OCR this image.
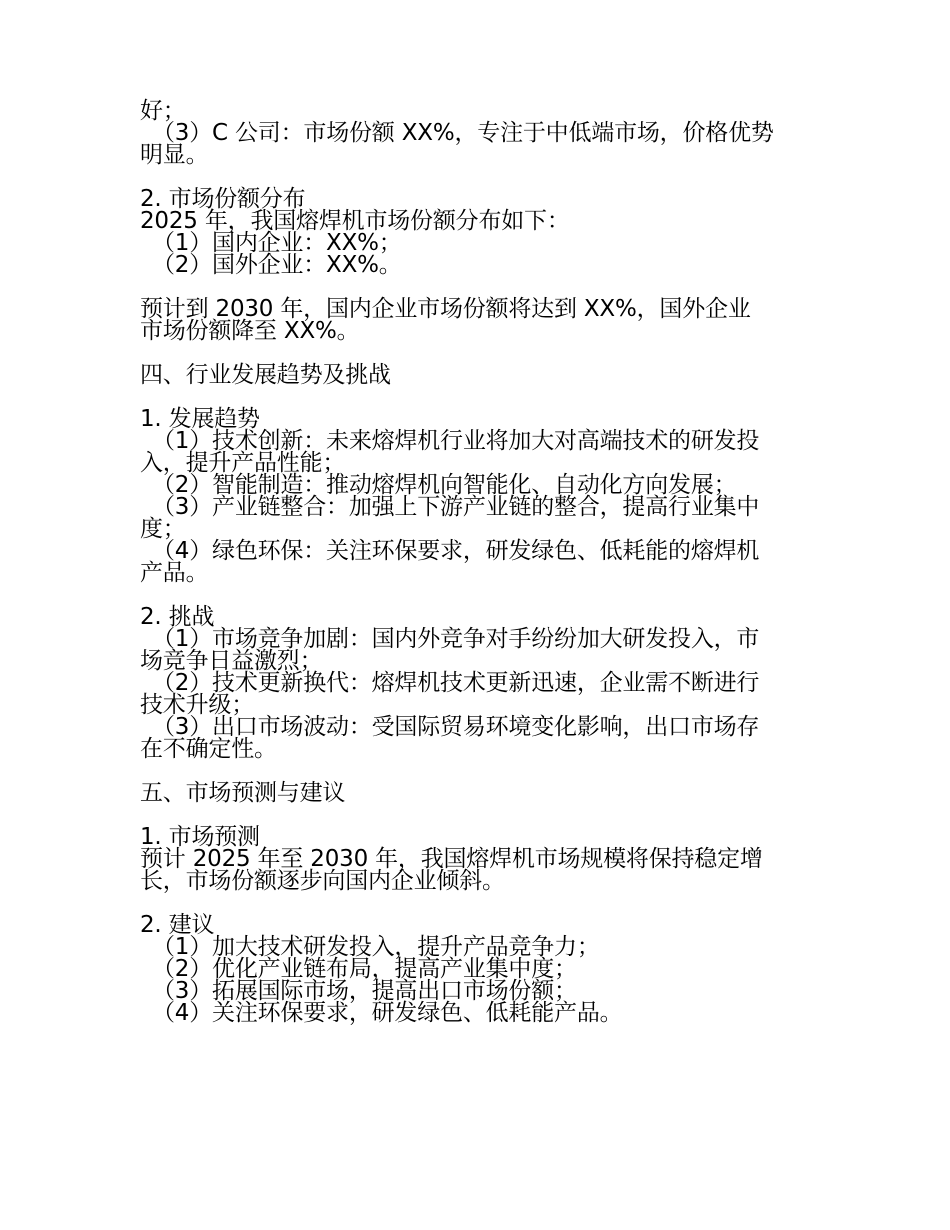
好；
（3）C 公司：市场份额 XX%，专注于中低端市场，价格优势
明显。
2. 市场份额分布
2025 年，我国熔焊机市场份额分布如下：
（1）国内企业：XX%；
（2）国外企业：XX%。
预计到 2030 年，国内企业市场份额将达到 XX%，国外企业
市场份额降至 XX%。
四、行业发展趋势及挑战
1. 发展趋势
（1）技术创新：未来熔焊机行业将加大对高端技术的研发投
入，提升产品性能；
（2）智能制造：推动熔焊机向智能化、自动化方向发展；
（3）产业链整合：加强上下游产业链的整合，提高行业集中
度；
（4）绿色环保：关注环保要求，研发绿色、低耗能的熔焊机
产品。
2. 挑战
（1）市场竞争加剧：国内外竞争对手纷纷加大研发投入，市
场竞争日益激烈；
（2）技术更新换代：熔焊机技术更新迅速，企业需不断进行
技术升级；
（3）出口市场波动：受国际贸易环境变化影响，出口市场存
在不确定性。
五、市场预测与建议
1. 市场预测
预计 2025 年至 2030 年，我国熔焊机市场规模将保持稳定增
长，市场份额逐步向国内企业倾斜。
2. 建议
（1）加大技术研发投入，提升产品竞争力；
（2）优化产业链布局，提高产业集中度；
（3）拓展国际市场，提高出口市场份额；
（4）关注环保要求，研发绿色、低耗能产品。
